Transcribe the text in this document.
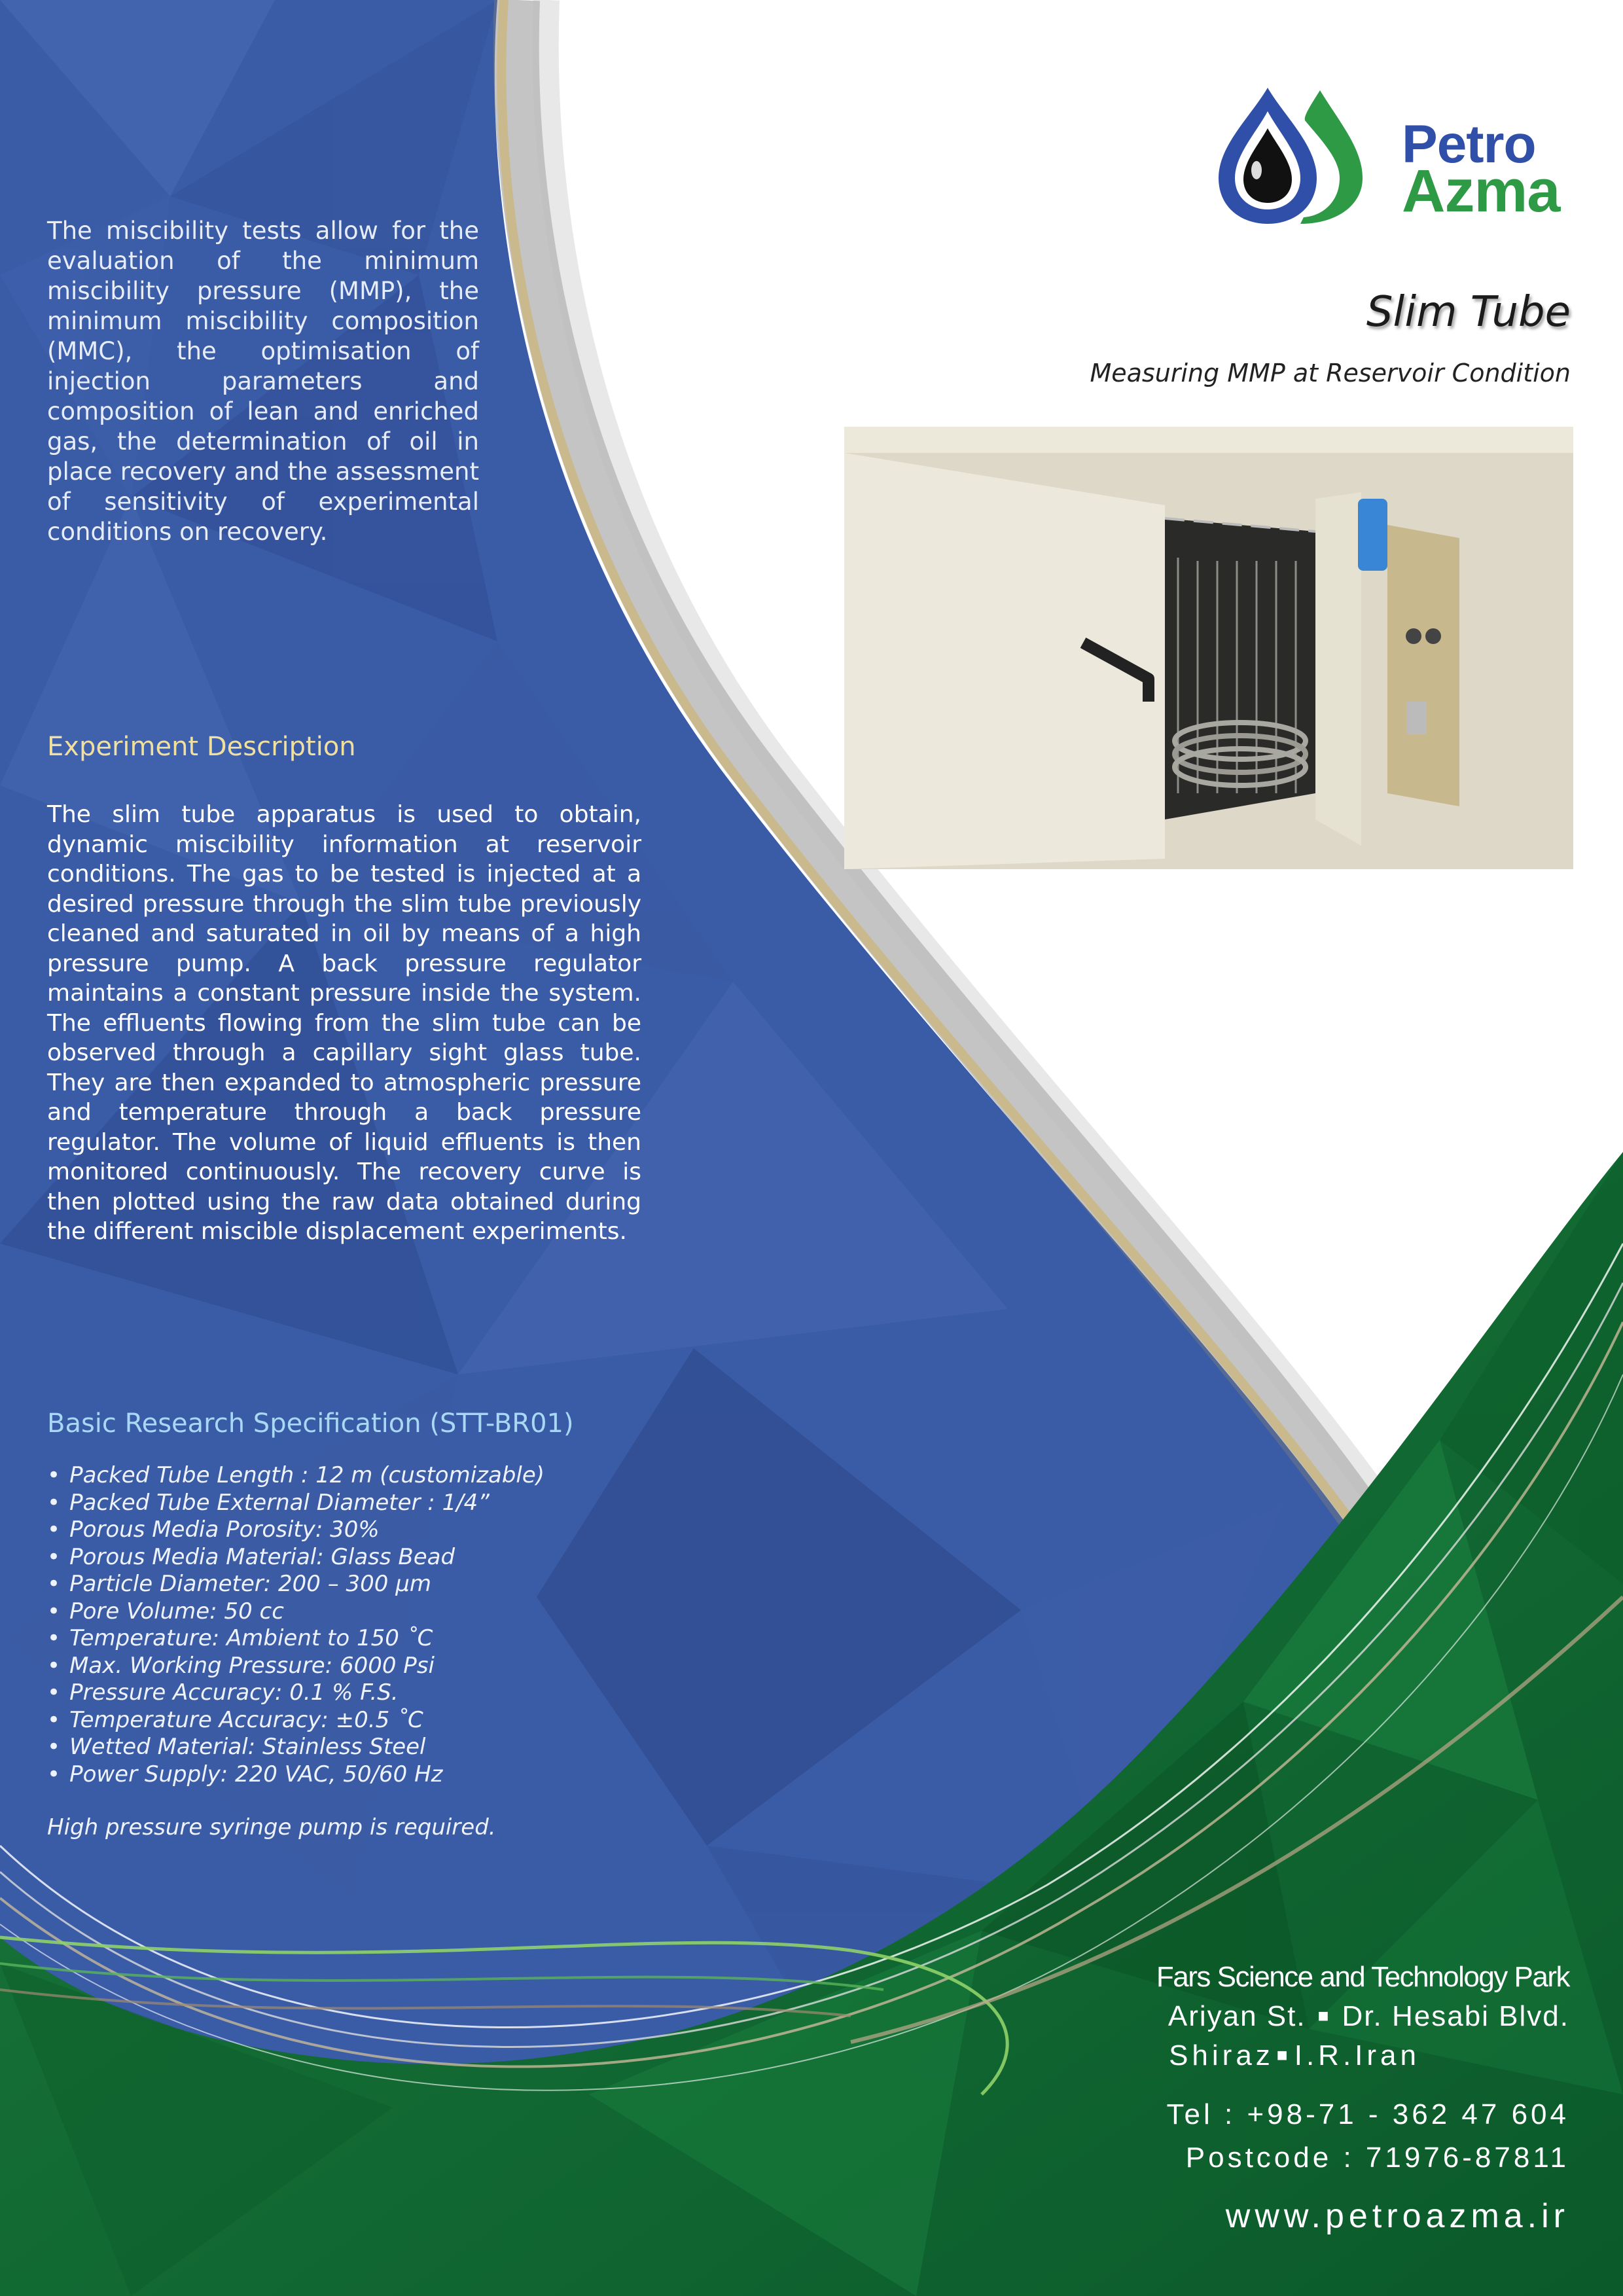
Petro
Azma
Slim Tube
Measuring MMP at Reservoir Condition
The miscibility tests allow for the evaluation of the minimum miscibility pressure (MMP), the minimum miscibility composition (MMC), the optimisation of injection parameters and composition of lean and enriched gas, the determination of oil in place recovery and the assessment of sensitivity of experimental conditions on recovery.
Experiment Description
The slim tube apparatus is used to obtain, dynamic miscibility information at reservoir conditions. The gas to be tested is injected at a desired pressure through the slim tube previously cleaned and saturated in oil by means of a high pressure pump. A back pressure regulator maintains a constant pressure inside the system. The effluents flowing from the slim tube can be observed through a capillary sight glass tube. They are then expanded to atmospheric pressure and temperature through a back pressure regulator. The volume of liquid effluents is then monitored continuously. The recovery curve is then plotted using the raw data obtained during the different miscible displacement experiments.
Basic Research Specification (STT-BR01)
• Packed Tube Length : 12 m (customizable)
• Packed Tube External Diameter : 1/4”
• Porous Media Porosity: 30%
• Porous Media Material: Glass Bead
• Particle Diameter: 200 – 300 µm
• Pore Volume: 50 cc
• Temperature: Ambient to 150 ˚C
• Max. Working Pressure: 6000 Psi
• Pressure Accuracy: 0.1 % F.S.
• Temperature Accuracy: ±0.5 ˚C
• Wetted Material: Stainless Steel
• Power Supply: 220 VAC, 50/60 Hz
High pressure syringe pump is required.
Fars Science and Technology Park
Ariyan St. ■ Dr. Hesabi Blvd.
Shiraz ■I.R.Iran
Tel : +98-71 - 362 47 604
Postcode : 71976-87811
www.petroazma.ir
